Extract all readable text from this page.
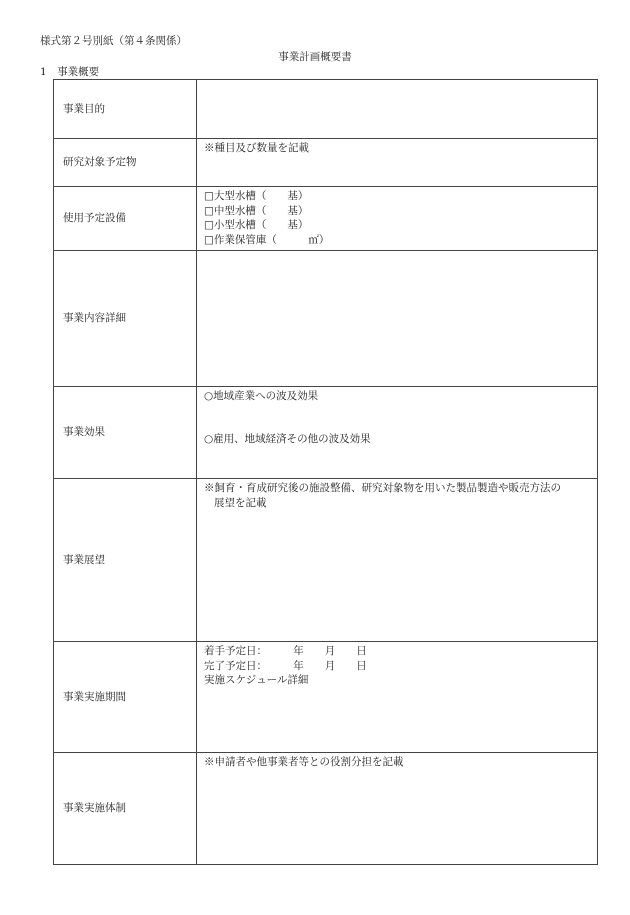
様式第２号別紙（第４条関係）
事業計画概要書
1　事業概要
事業目的	
研究対象予定物	※種目及び数量を記載

使用予定設備	□大型水槽（　　基）
□中型水槽（　　基）
□小型水槽（　　基）
□作業保管庫（　　　㎡）

事業内容詳細	
事業効果	○地域産業への波及効果
○雇用、地域経済その他の波及効果

事業展望	※飼育・育成研究後の施設整備、研究対象物を用いた製品製造や販売方法の
展望を記載

事業実施期間	着手予定日：　　　年　　月　　日
完了予定日：　　　年　　月　　日
実施スケジュール詳細

事業実施体制	※申請者や他事業者等との役割分担を記載
